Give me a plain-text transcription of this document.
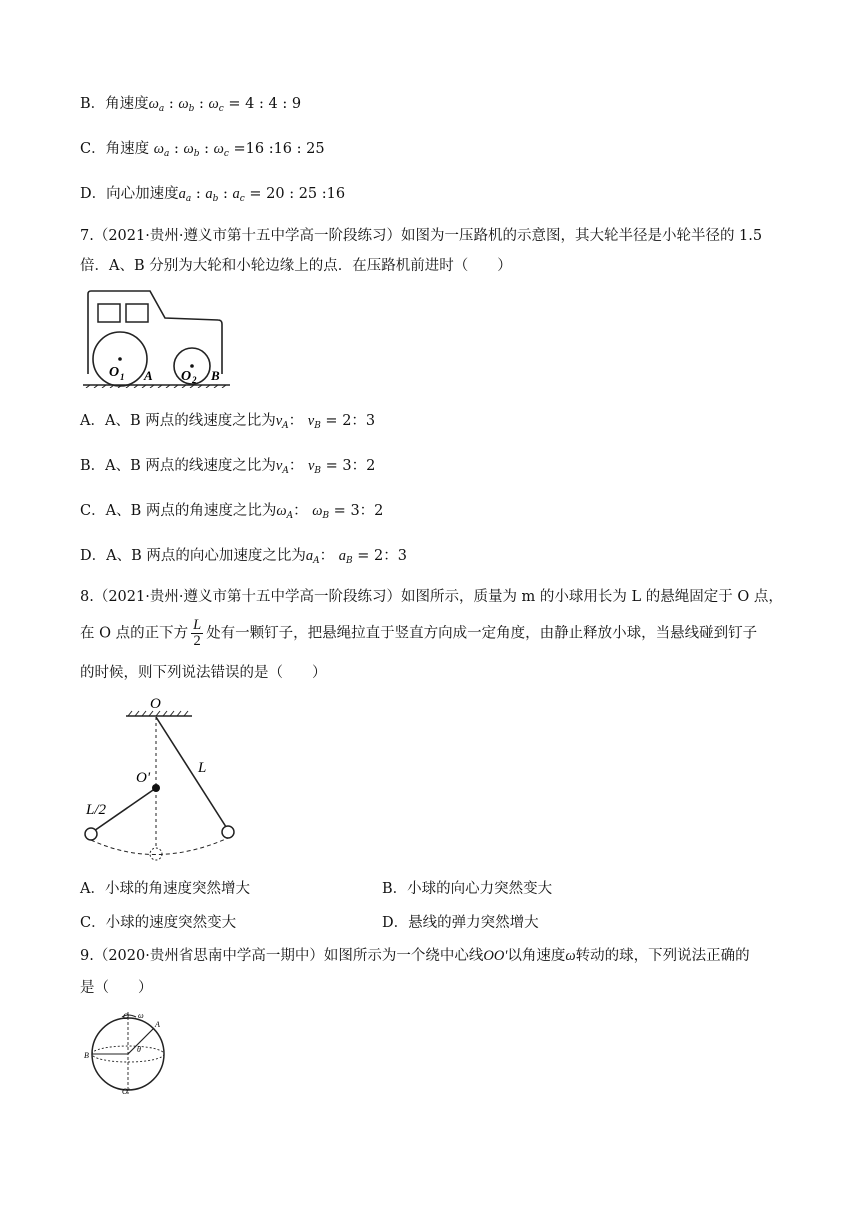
B．角速度$\omega_a$ : $\omega_b$ : $\omega_c = 4$ : 4 : 9
C．角速度 $\omega_a$ : $\omega_b$ : $\omega_c =16$ :16 : 25
D．向心加速度$a_a$ : $a_b$ : $a_c = 20$ : 25 :16
7.（2021·贵州·遵义市第十五中学高一阶段练习）如图为一压路机的示意图，其大轮半径是小轮半径的 1.5
倍．A、B 分别为大轮和小轮边缘上的点．在压路机前进时（　　）
O 1 A O 2 B
A．A、B 两点的线速度之比为$v_A$： $v_B = 2$：3
B．A、B 两点的线速度之比为$v_A$： $v_B = 3$：2
C．A、B 两点的角速度之比为$\omega_A$： $\omega_B = 3$：2
D．A、B 两点的向心加速度之比为$a_A$： $a_B = 2$：3
8.（2021·贵州·遵义市第十五中学高一阶段练习）如图所示，质量为 m 的小球用长为 L 的悬绳固定于 O 点，
在 O 点的正下方 $\frac{L}{2}$ 处有一颗钉子，把悬绳拉直于竖直方向成一定角度，由静止释放小球，当悬线碰到钉子
的时候，则下列说法错误的是（　　）
O
O'
L
L/2
A．小球的角速度突然增大	B．小球的向心力突然变大
C．小球的速度突然变大	D．悬线的弹力突然增大
9.（2020·贵州省思南中学高一期中）如图所示为一个绕中心线OO'以角速度ω转动的球，下列说法正确的
是（　　）
O ω
A
θ
B
O'
